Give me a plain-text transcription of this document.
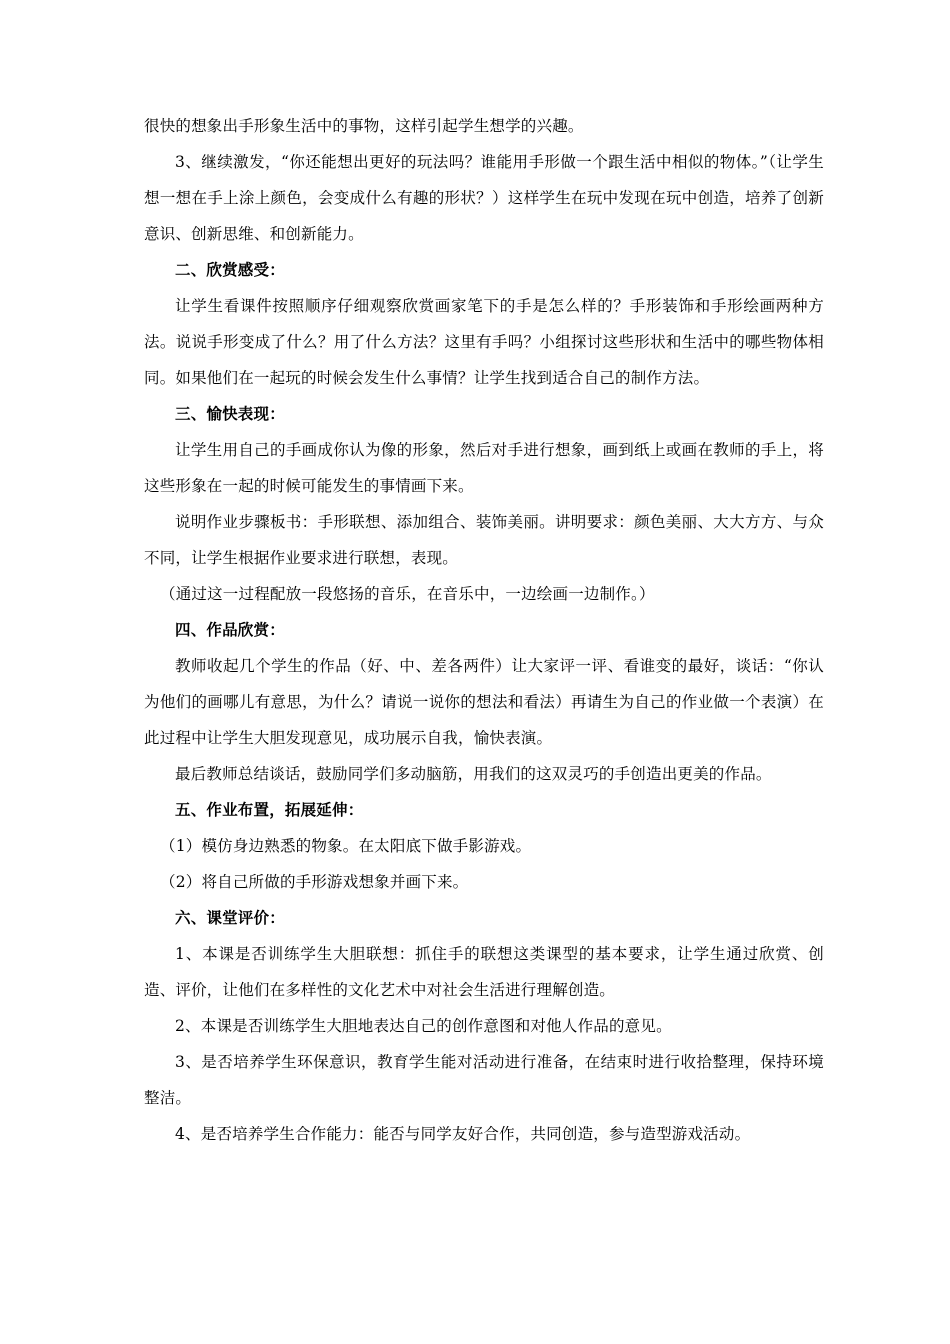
很快的想象出手形象生活中的事物，这样引起学生想学的兴趣。

3、继续激发，“你还能想出更好的玩法吗？谁能用手形做一个跟生活中相似的物体。”（让学生想一想在手上涂上颜色，会变成什么有趣的形状？）这样学生在玩中发现在玩中创造，培养了创新意识、创新思维、和创新能力。

二、欣赏感受：

让学生看课件按照顺序仔细观察欣赏画家笔下的手是怎么样的？手形装饰和手形绘画两种方法。说说手形变成了什么？用了什么方法？这里有手吗？小组探讨这些形状和生活中的哪些物体相同。如果他们在一起玩的时候会发生什么事情？让学生找到适合自己的制作方法。

三、愉快表现：

让学生用自己的手画成你认为像的形象，然后对手进行想象，画到纸上或画在教师的手上，将这些形象在一起的时候可能发生的事情画下来。

说明作业步骤板书：手形联想、添加组合、装饰美丽。讲明要求：颜色美丽、大大方方、与众不同，让学生根据作业要求进行联想，表现。

（通过这一过程配放一段悠扬的音乐，在音乐中，一边绘画一边制作。）

四、作品欣赏：

教师收起几个学生的作品（好、中、差各两件）让大家评一评、看谁变的最好，谈话：“你认为他们的画哪儿有意思，为什么？请说一说你的想法和看法）再请生为自己的作业做一个表演）在此过程中让学生大胆发现意见，成功展示自我，愉快表演。

最后教师总结谈话，鼓励同学们多动脑筋，用我们的这双灵巧的手创造出更美的作品。

五、作业布置，拓展延伸：

（1）模仿身边熟悉的物象。在太阳底下做手影游戏。

（2）将自己所做的手形游戏想象并画下来。

六、课堂评价：

1、本课是否训练学生大胆联想：抓住手的联想这类课型的基本要求，让学生通过欣赏、创造、评价，让他们在多样性的文化艺术中对社会生活进行理解创造。

2、本课是否训练学生大胆地表达自己的创作意图和对他人作品的意见。

3、是否培养学生环保意识，教育学生能对活动进行准备，在结束时进行收拾整理，保持环境整洁。

4、是否培养学生合作能力：能否与同学友好合作，共同创造，参与造型游戏活动。
